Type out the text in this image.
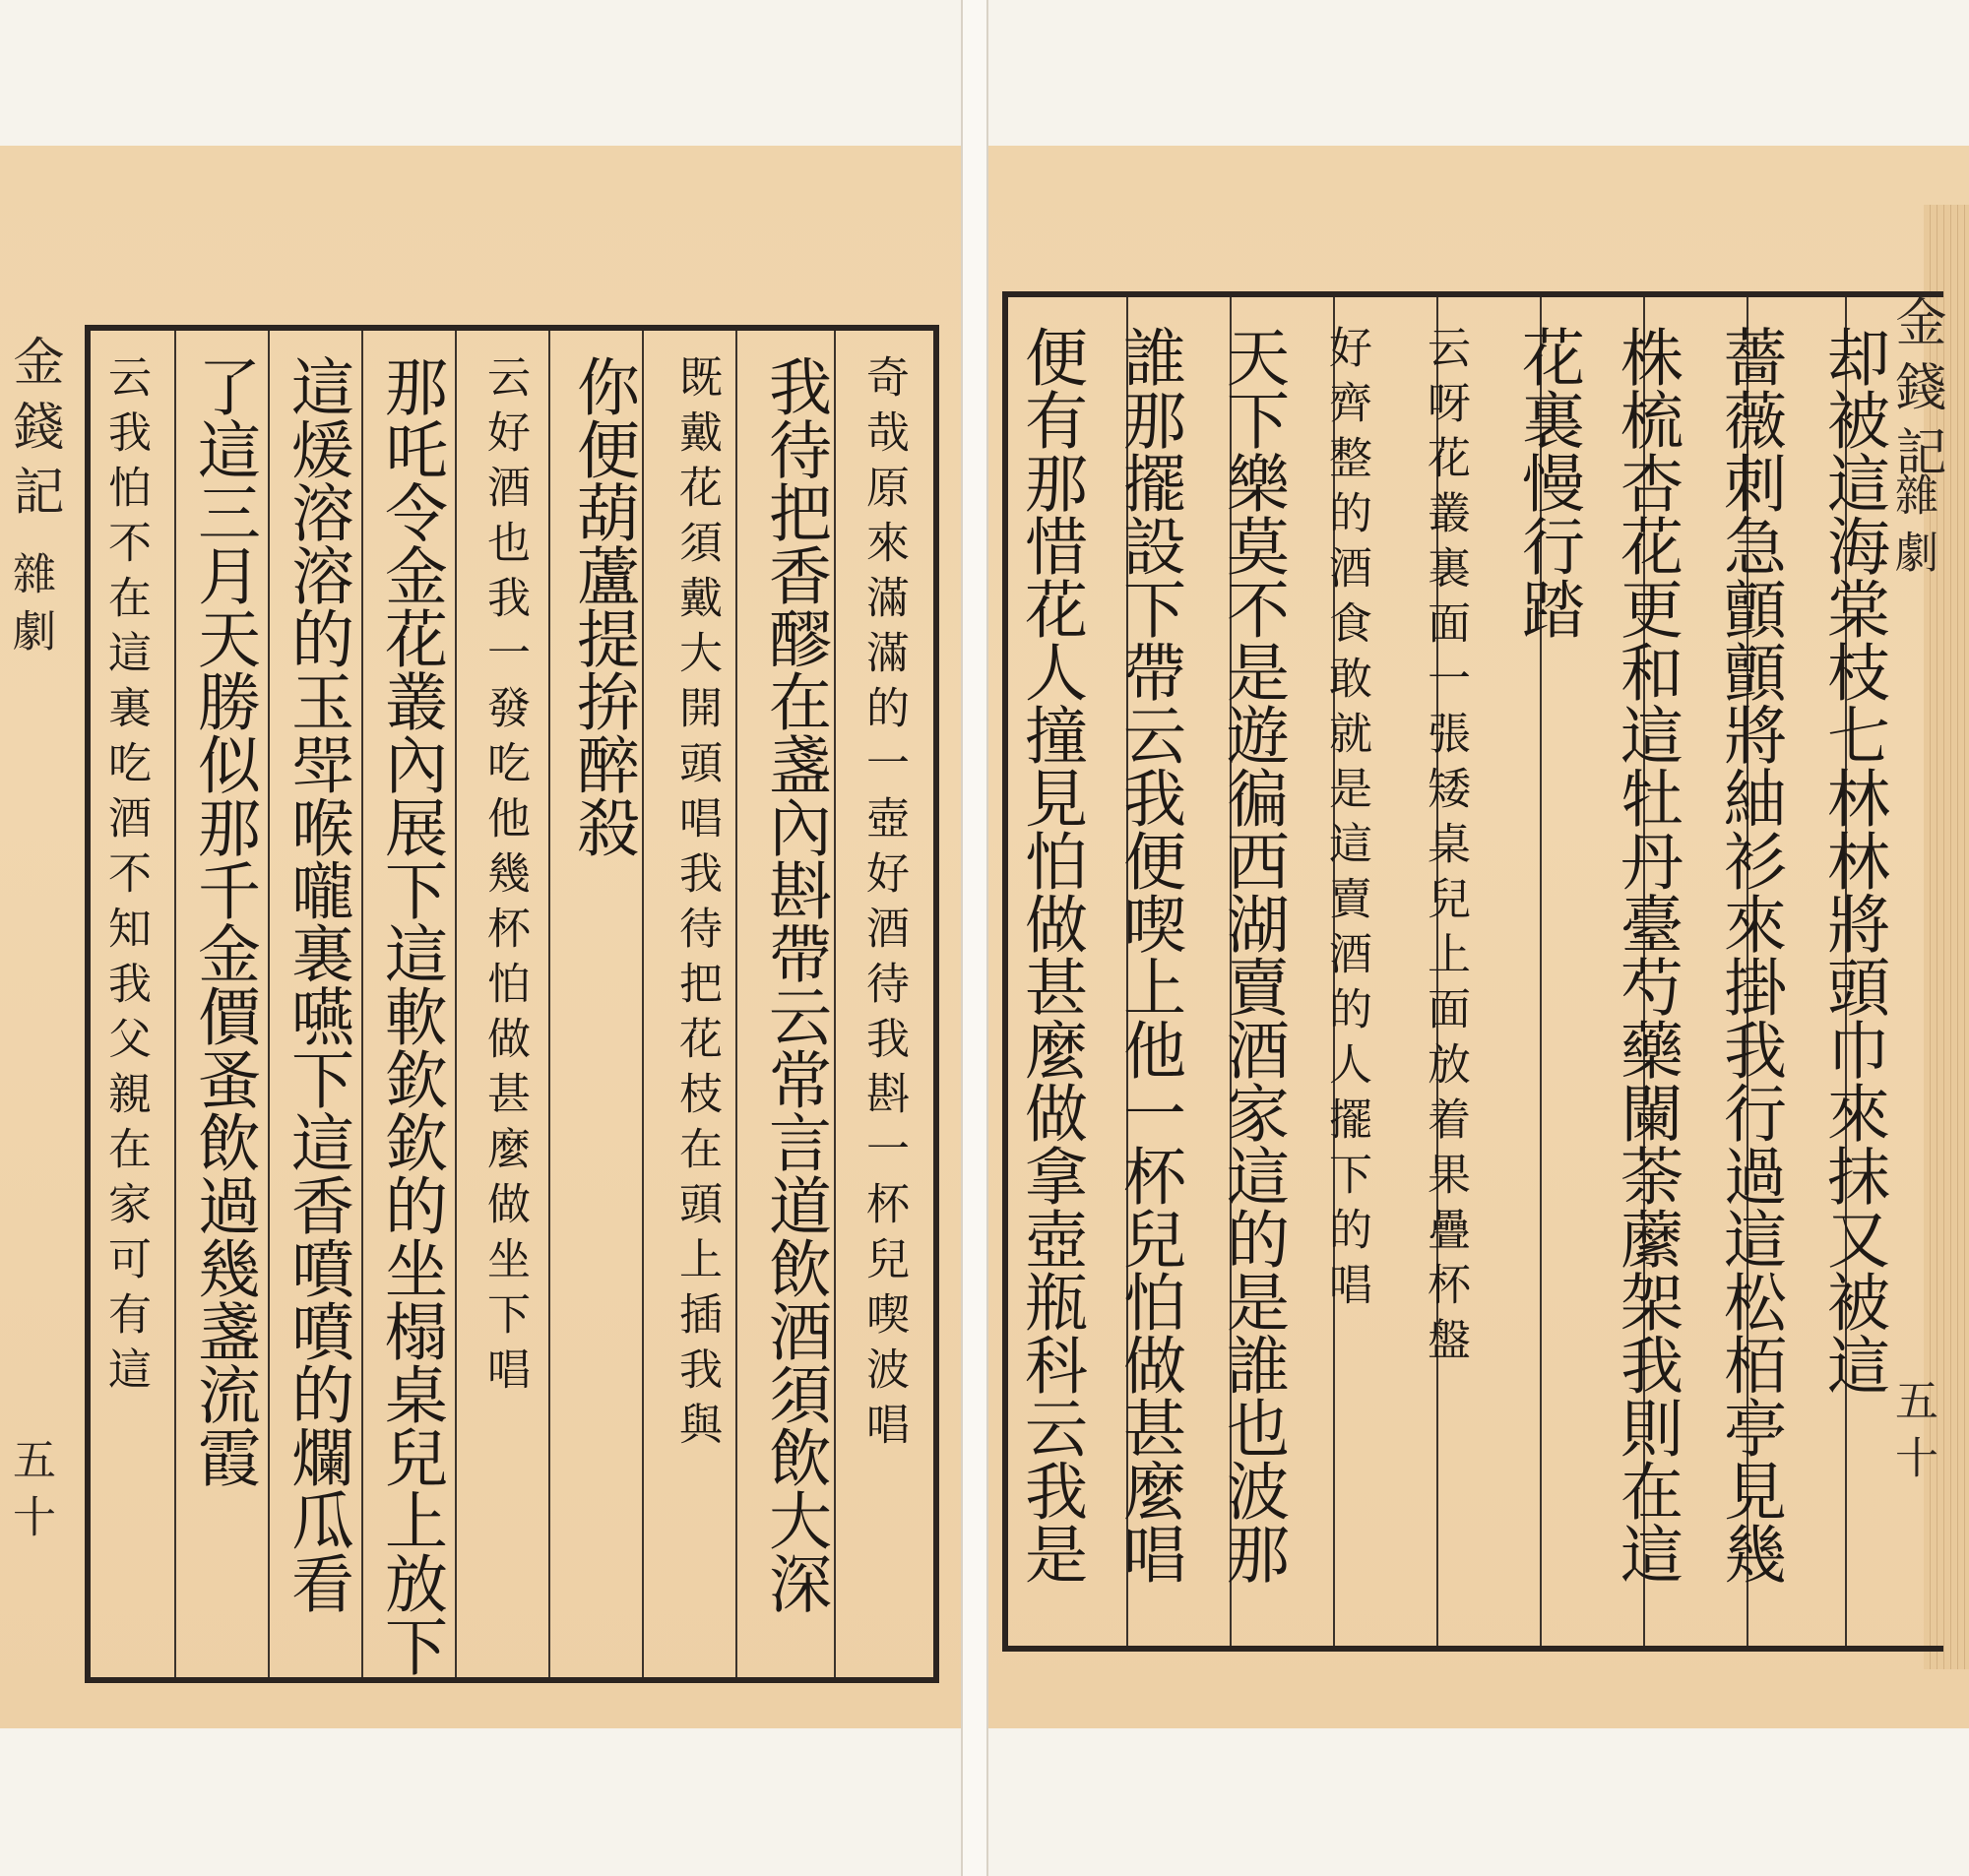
金錢記
雜劇
五十
却被這海棠枝七林林將頭巾來抹又被這
薔薇刺急顫顫將紬衫來掛我行過這松栢亭見幾
株梳杏花更和這牡丹臺芍藥闌荼䕷架我則在這
花裏慢行踏
云呀花叢裏面一張矮桌兒上面放着果疊杯盤
好齊整的酒食敢就是這賣酒的人擺下的唱
天下樂莫不是遊徧西湖賣酒家這的是誰也波那
誰那擺設下帶云我便喫上他一杯兒怕做甚麼唱
便有那惜花人撞見怕做甚麼做拿壺瓶科云我是
金錢記
雜劇
五十
奇哉原來滿滿的一壺好酒待我斟一杯兒喫波唱
我待把香醪在盞內斟帶云常言道飲酒須飲大深
既戴花須戴大開頭唱我待把花枝在頭上插我與
你便葫蘆提拚醉殺
云好酒也我一發吃他幾杯怕做甚麼做坐下唱
那吒令金花叢內展下這軟欽欽的坐榻桌兒上放下
這煖溶溶的玉斝喉嚨裏嚥下這香噴噴的爛瓜看
了這三月天勝似那千金價蚤飲過幾盞流霞
云我怕不在這裏吃酒不知我父親在家可有這
